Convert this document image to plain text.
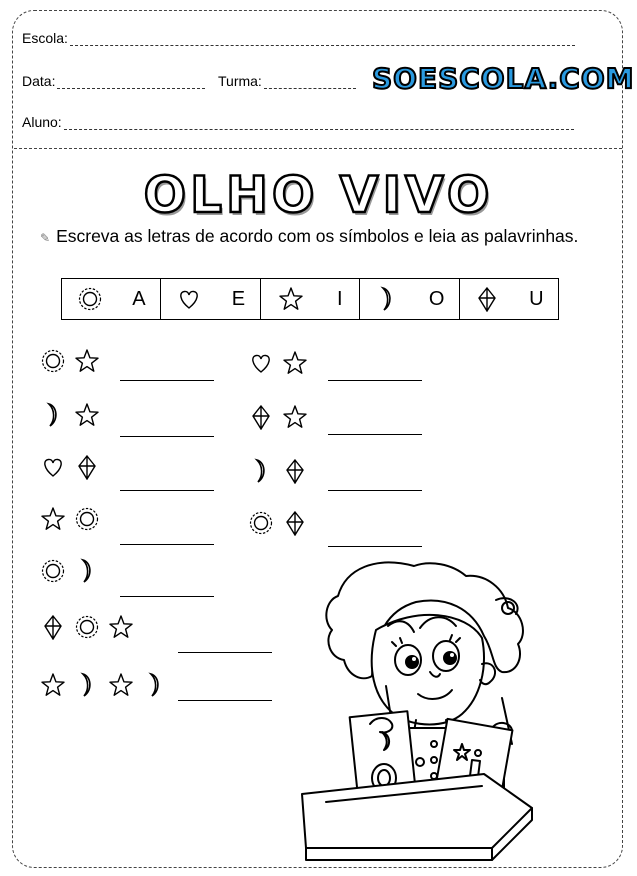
Escola:
Data:	Turma:	SOESCOLA.COM
Aluno:
OLHO VIVO
✎ Escreva as letras de acordo com os símbolos e leia as palavrinhas.
A	E	I	O	U
